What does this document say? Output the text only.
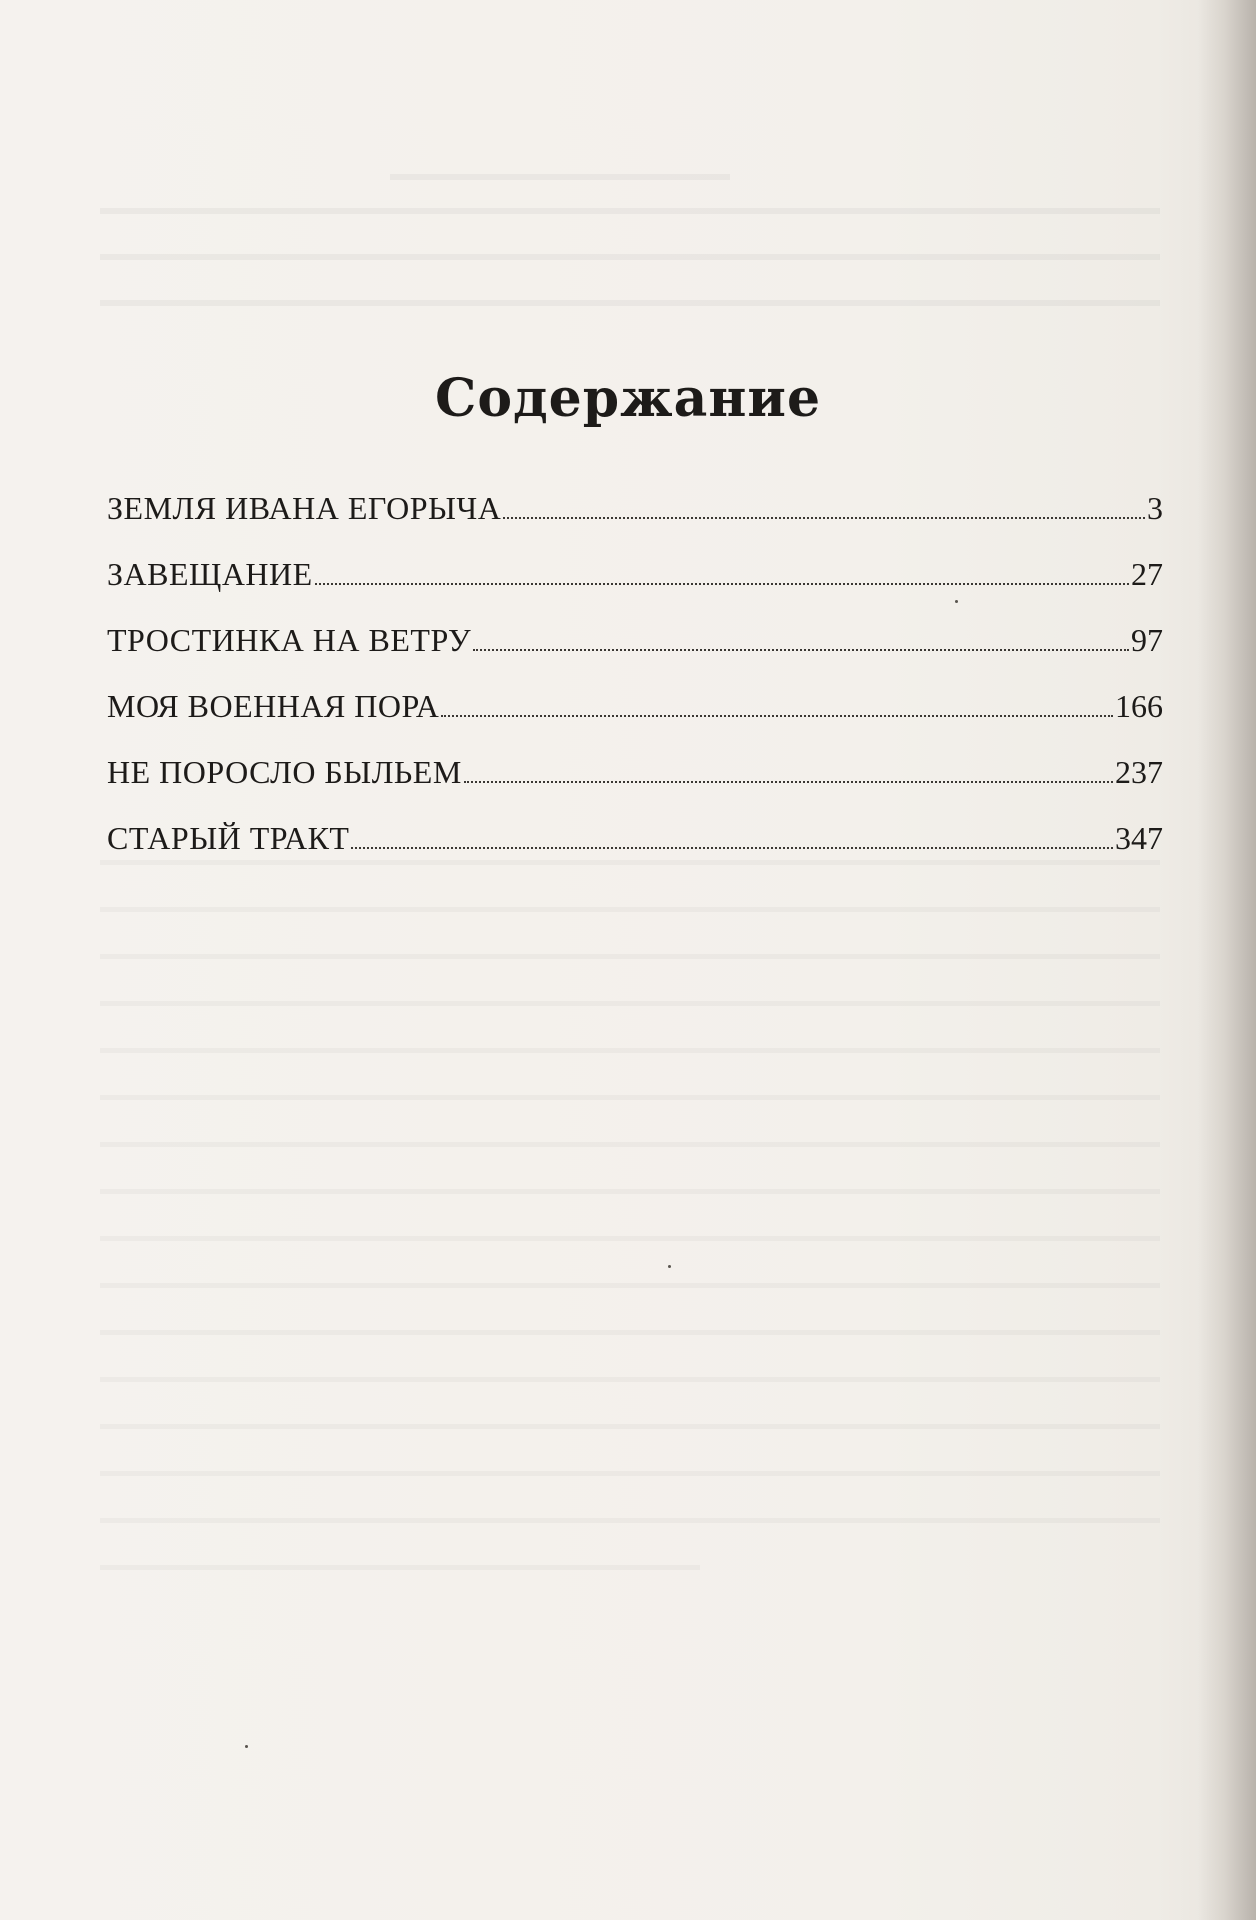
Содержание
ЗЕМЛЯ ИВАНА ЕГОРЫЧА	3
ЗАВЕЩАНИЕ	27
ТРОСТИНКА НА ВЕТРУ	97
МОЯ ВОЕННАЯ ПОРА	166
НЕ ПОРОСЛО БЫЛЬЕМ	237
СТАРЫЙ ТРАКТ	347
